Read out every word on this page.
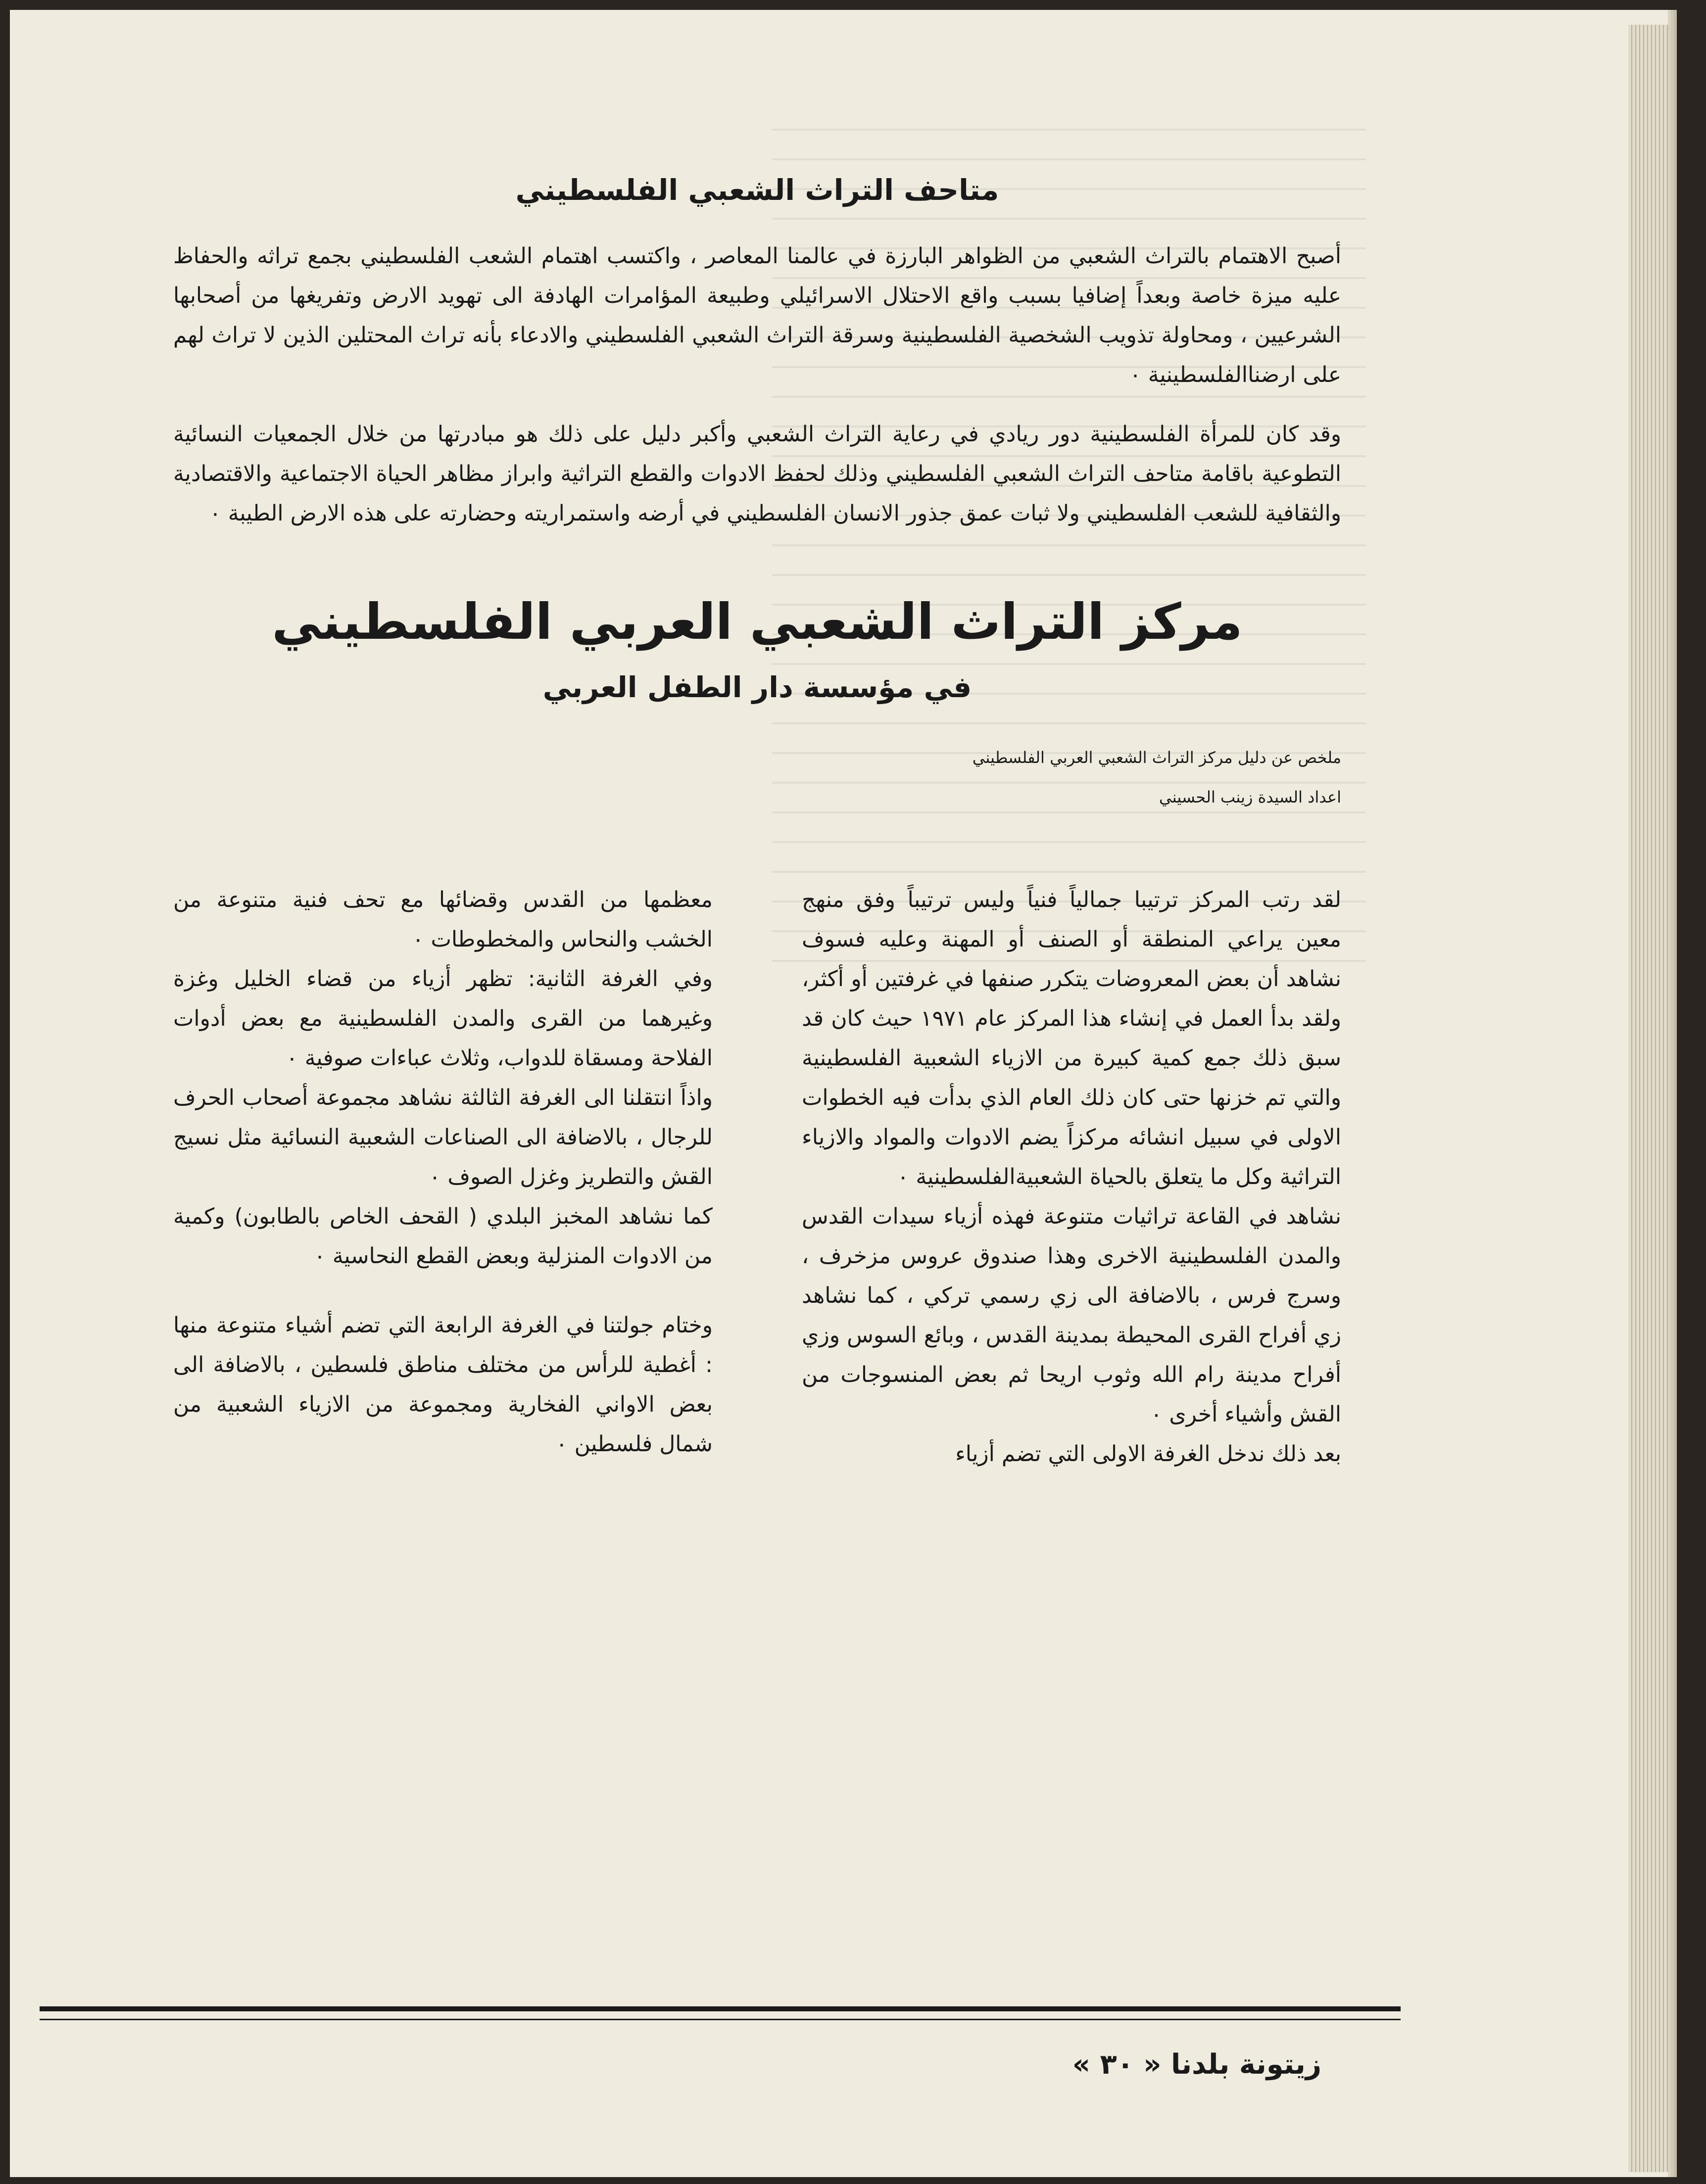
متاحف التراث الشعبي الفلسطيني

أصبح الاهتمام بالتراث الشعبي من الظواهر البارزة في عالمنا المعاصر ، واكتسب اهتمام الشعب الفلسطيني بجمع تراثه والحفاظ عليه ميزة خاصة وبعداً إضافيا بسبب واقع الاحتلال الاسرائيلي وطبيعة المؤامرات الهادفة الى تهويد الارض وتفريغها من أصحابها الشرعيين ، ومحاولة تذويب الشخصية الفلسطينية وسرقة التراث الشعبي الفلسطيني والادعاء بأنه تراث المحتلين الذين لا تراث لهم على ارضناالفلسطينية ٠

وقد كان للمرأة الفلسطينية دور ريادي في رعاية التراث الشعبي وأكبر دليل على ذلك هو مبادرتها من خلال الجمعيات النسائية التطوعية باقامة متاحف التراث الشعبي الفلسطيني وذلك لحفظ الادوات والقطع التراثية وابراز مظاهر الحياة الاجتماعية والاقتصادية والثقافية للشعب الفلسطيني ولا ثبات عمق جذور الانسان الفلسطيني في أرضه واستمراريته وحضارته على هذه الارض الطيبة ٠

مركز التراث الشعبي العربي الفلسطيني
في مؤسسة دار الطفل العربي
ملخص عن دليل مركز التراث الشعبي العربي الفلسطيني
اعداد السيدة زينب الحسيني

لقد رتب المركز ترتيبا جمالياً فنياً وليس ترتيباً وفق منهج معين يراعي المنطقة أو الصنف أو المهنة وعليه فسوف نشاهد أن بعض المعروضات يتكرر صنفها في غرفتين أو أكثر، ولقد بدأ العمل في إنشاء هذا المركز عام ١٩٧١ حيث كان قد سبق ذلك جمع كمية كبيرة من الازياء الشعبية الفلسطينية والتي تم خزنها حتى كان ذلك العام الذي بدأت فيه الخطوات الاولى في سبيل انشائه مركزاً يضم الادوات والمواد والازياء التراثية وكل ما يتعلق بالحياة الشعبيةالفلسطينية ٠

نشاهد في القاعة تراثيات متنوعة فهذه أزياء سيدات القدس والمدن الفلسطينية الاخرى وهذا صندوق عروس مزخرف ، وسرج فرس ، بالاضافة الى زي رسمي تركي ، كما نشاهد زي أفراح القرى المحيطة بمدينة القدس ، وبائع السوس وزي أفراح مدينة رام الله وثوب اريحا ثم بعض المنسوجات من القش وأشياء أخرى ٠

بعد ذلك ندخل الغرفة الاولى التي تضم أزياء

معظمها من القدس وقضائها مع تحف فنية متنوعة من الخشب والنحاس والمخطوطات ٠

وفي الغرفة الثانية: تظهر أزياء من قضاء الخليل وغزة وغيرهما من القرى والمدن الفلسطينية مع بعض أدوات الفلاحة ومسقاة للدواب، وثلاث عباءات صوفية ٠

واذاً انتقلنا الى الغرفة الثالثة نشاهد مجموعة أصحاب الحرف للرجال ، بالاضافة الى الصناعات الشعبية النسائية مثل نسيج القش والتطريز وغزل الصوف ٠

كما نشاهد المخبز البلدي ( القحف الخاص بالطابون) وكمية من الادوات المنزلية وبعض القطع النحاسية ٠

وختام جولتنا في الغرفة الرابعة التي تضم أشياء متنوعة منها : أغطية للرأس من مختلف مناطق فلسطين ، بالاضافة الى بعض الاواني الفخارية ومجموعة من الازياء الشعبية من شمال فلسطين ٠

زيتونة بلدنا « ٣٠ »
